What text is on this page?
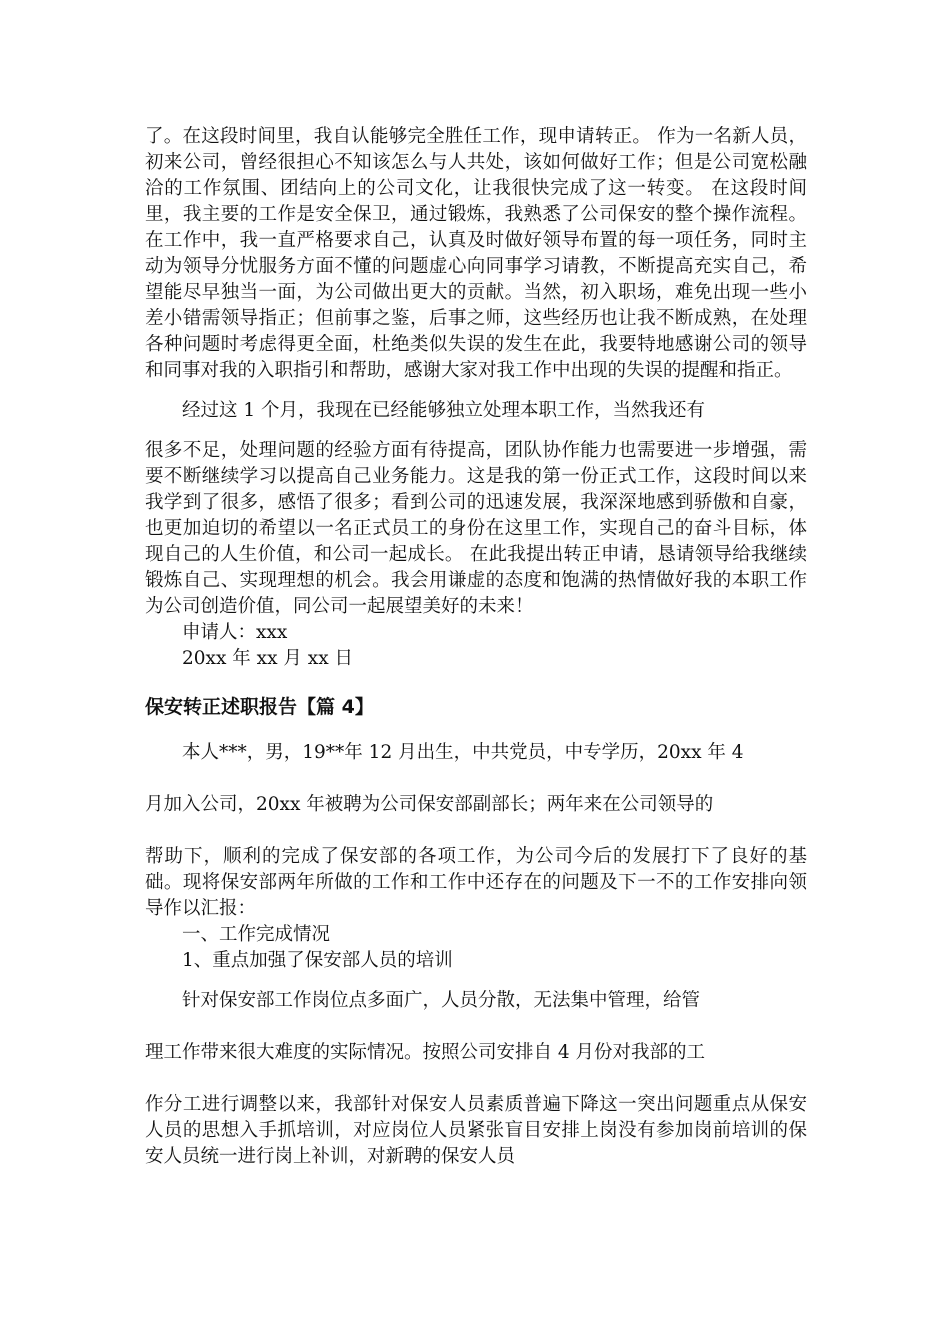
了。在这段时间里，我自认能够完全胜任工作，现申请转正。 作为一名新人员，初来公司，曾经很担心不知该怎么与人共处，该如何做好工作；但是公司宽松融洽的工作氛围、团结向上的公司文化，让我很快完成了这一转变。 在这段时间里，我主要的工作是安全保卫，通过锻炼，我熟悉了公司保安的整个操作流程。在工作中，我一直严格要求自己，认真及时做好领导布置的每一项任务，同时主动为领导分忧服务方面不懂的问题虚心向同事学习请教，不断提高充实自己，希望能尽早独当一面，为公司做出更大的贡献。当然，初入职场，难免出现一些小差小错需领导指正；但前事之鉴，后事之师，这些经历也让我不断成熟，在处理各种问题时考虑得更全面，杜绝类似失误的发生在此，我要特地感谢公司的领导和同事对我的入职指引和帮助，感谢大家对我工作中出现的失误的提醒和指正。

经过这 1 个月，我现在已经能够独立处理本职工作，当然我还有

很多不足，处理问题的经验方面有待提高，团队协作能力也需要进一步增强，需要不断继续学习以提高自己业务能力。这是我的第一份正式工作，这段时间以来我学到了很多，感悟了很多；看到公司的迅速发展，我深深地感到骄傲和自豪，也更加迫切的希望以一名正式员工的身份在这里工作，实现自己的奋斗目标，体现自己的人生价值，和公司一起成长。 在此我提出转正申请，恳请领导给我继续锻炼自己、实现理想的机会。我会用谦虚的态度和饱满的热情做好我的本职工作为公司创造价值，同公司一起展望美好的未来！

申请人：xxx

20xx 年 xx 月 xx 日

保安转正述职报告【篇 4】

本人***，男，19**年 12 月出生，中共党员，中专学历，20xx 年 4

月加入公司，20xx 年被聘为公司保安部副部长；两年来在公司领导的

帮助下，顺利的完成了保安部的各项工作，为公司今后的发展打下了良好的基础。现将保安部两年所做的工作和工作中还存在的问题及下一不的工作安排向领导作以汇报：

一、工作完成情况

1、重点加强了保安部人员的培训

针对保安部工作岗位点多面广，人员分散，无法集中管理，给管

理工作带来很大难度的实际情况。按照公司安排自 4 月份对我部的工

作分工进行调整以来，我部针对保安人员素质普遍下降这一突出问题重点从保安人员的思想入手抓培训，对应岗位人员紧张盲目安排上岗没有参加岗前培训的保安人员统一进行岗上补训，对新聘的保安人员
